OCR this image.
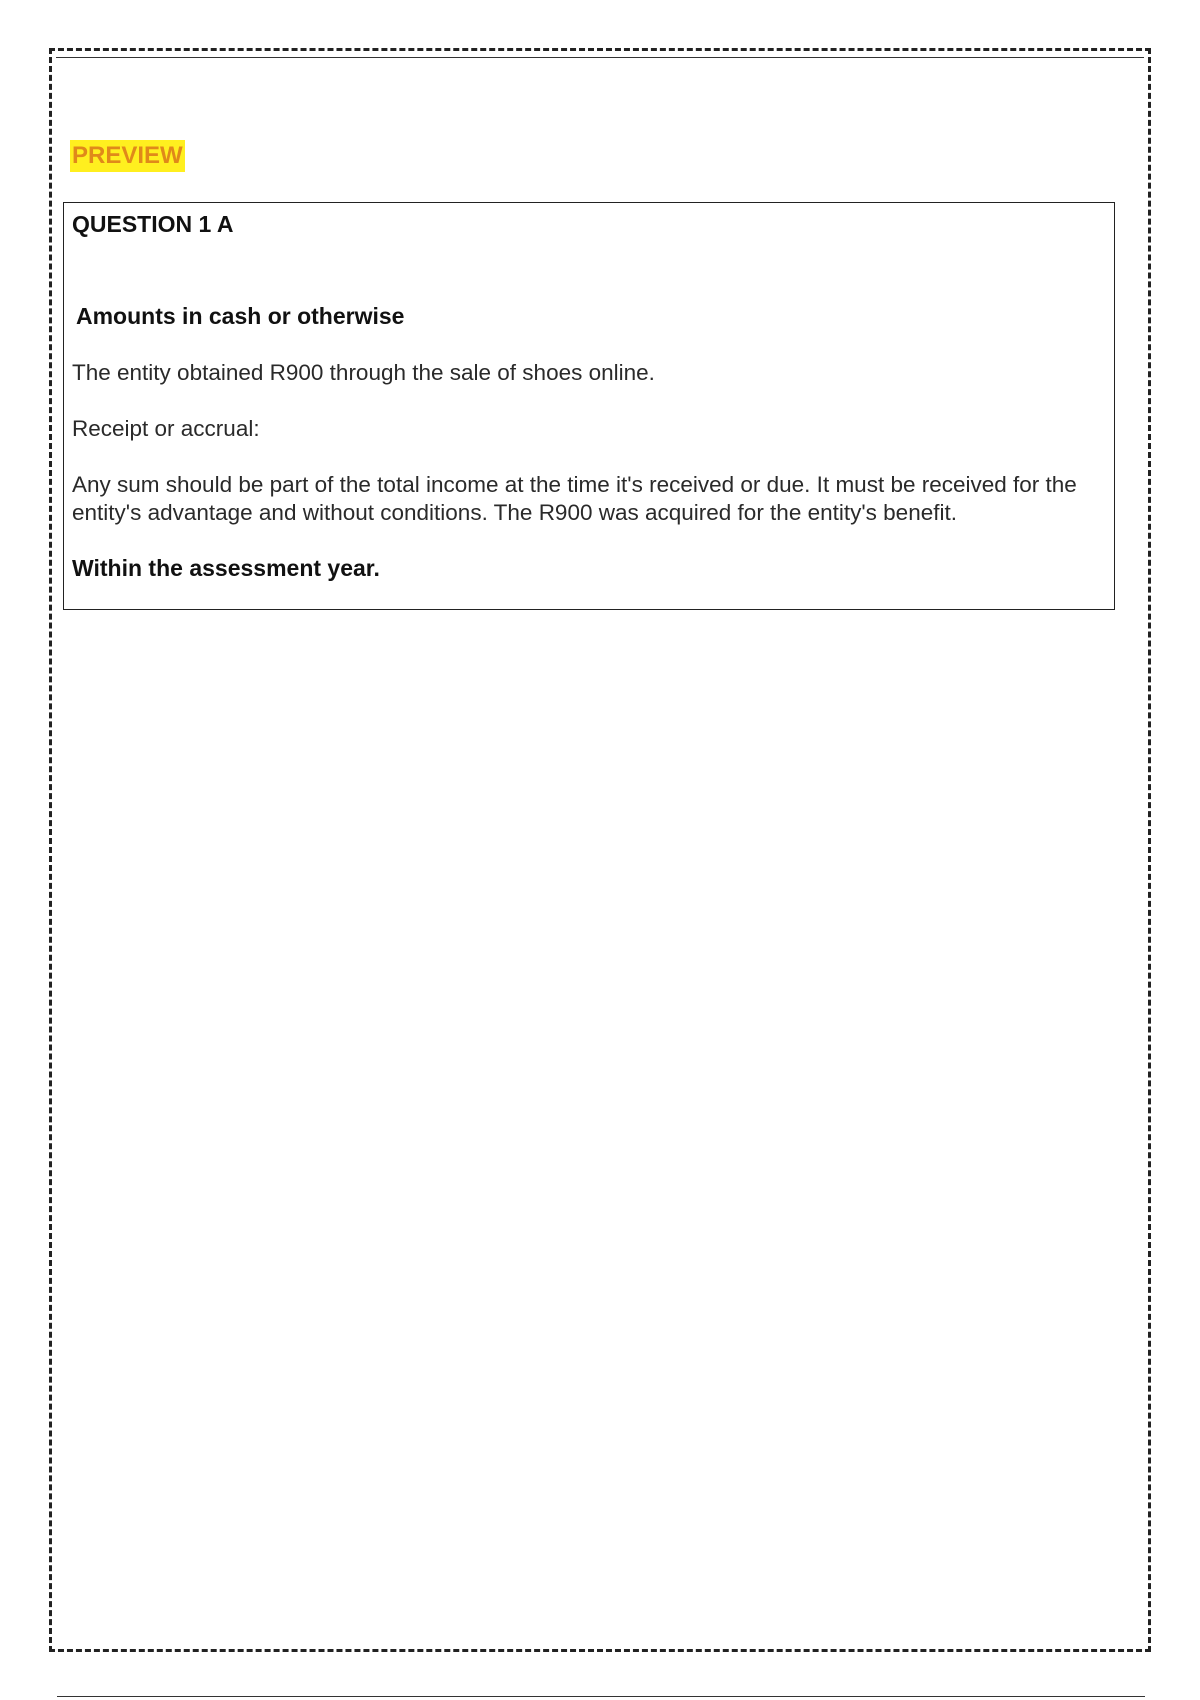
PREVIEW
QUESTION 1 A
Amounts in cash or otherwise

The entity obtained R900 through the sale of shoes online.

Receipt or accrual:

Any sum should be part of the total income at the time it's received or due. It must be received for the entity's advantage and without conditions. The R900 was acquired for the entity's benefit.

Within the assessment year.
